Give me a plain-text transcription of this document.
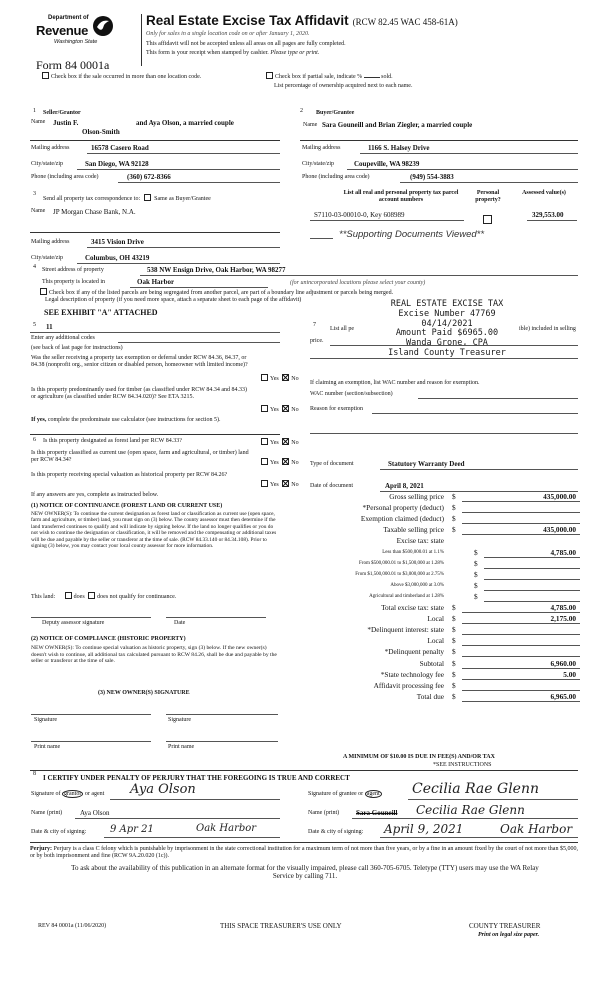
Department of
Revenue
Washington State
Form 84 0001a
Real Estate Excise Tax Affidavit (RCW 82.45 WAC 458-61A)
Only for sales in a single location code on or after January 1, 2020.
This affidavit will not be accepted unless all areas on all pages are fully completed.
This form is your receipt when stamped by cashier. Please type or print.
Check box if the sale occurred in more than one location code.	Check box if partial sale, indicate %	sold.
List percentage of ownership acquired next to each name.
1 Seller/Grantor
Name Justin F.
Olson-Smith
and Aya Olson, a married couple
Mailing address	16578 Casero Road
City/state/zip	San Diego, WA 92128
Phone (including area code)	(360) 672-8366
2 Buyer/Grantee
Name Sara Gouneill and Brian Ziegler, a married couple
Mailing address	1166 S. Halsey Drive
City/state/zip	Coupeville, WA 98239
Phone (including area code)	(949) 554-3883
3
Send all property tax correspondence to: Same as Buyer/Grantee
Name JP Morgan Chase Bank, N.A.
Mailing address	3415 Vision Drive
City/state/zip	Columbus, OH 43219
List all real and personal property tax parcel account numbers
Personal property?
Assessed value(s)
S7110-03-00010-0, Key 608989	329,553.00
**Supporting Documents Viewed**
4 Street address of property	538 NW Ensign Drive, Oak Harbor, WA 98277
This property is located in	Oak Harbor	(for unincorporated locations please select your county)
Check box if any of the listed parcels are being segregated from another parcel, are part of a boundary line adjustment or parcels being merged.
Legal description of property (if you need more space, attach a separate sheet to each page of the affidavit)
SEE EXHIBIT "A" ATTACHED
REAL ESTATE EXCISE TAX
Excise Number 47769
04/14/2021
Amount Paid $6965.00
Wanda Grone, CPA
Island County Treasurer
5 11
Enter any additional codes
(see back of last page for instructions)
Was the seller receiving a property tax exemption or deferral under RCW 84.36, 84.37, or 84.38 (nonprofit org., senior citizen or disabled person, homeowner with limited income)?
Yes No
Is this property predominantly used for timber (as classified under RCW 84.34 and 84.33) or agriculture (as classified under RCW 84.34.020)? See ETA 3215.
Yes No
If yes, complete the predominate use calculator (see instructions for section 5).
7
List all pe	ible) included in selling
price.
If claiming an exemption, list WAC number and reason for exemption.
WAC number (section/subsection)
Reason for exemption
6 Is this property designated as forest land per RCW 84.33?	Yes No
Is this property classified as current use (open space, farm and agricultural, or timber) land per RCW 84.34?
Yes No
Is this property receiving special valuation as historical property per RCW 84.26?
Yes No
If any answers are yes, complete as instructed below.
(1) NOTICE OF CONTINUANCE (FOREST LAND OR CURRENT USE)
NEW OWNER(S): To continue the current designation as forest land or classification as current use (open space, farm and agriculture, or timber) land, you must sign on (3) below. The county assessor must then determine if the land transferred continues to qualify and will indicate by signing below. If the land no longer qualifies or you do not wish to continue the designation or classification, it will be removed and the compensating or additional taxes will be due and payable by the seller or transferor at the time of sale. (RCW 84.33.140 or 84.34.108). Prior to signing (3) below, you may contact your local county assessor for more information.
This land:	does does not qualify for continuance.
Deputy assessor signature	Date
(2) NOTICE OF COMPLIANCE (HISTORIC PROPERTY)
NEW OWNER(S): To continue special valuation as historic property, sign (3) below. If the new owner(s) doesn't wish to continue, all additional tax calculated pursuant to RCW 84.26, shall be due and payable by the seller or transferor at the time of sale.
(3) NEW OWNER(S) SIGNATURE
Signature	Signature
Print name	Print name
Type of document	Statutory Warranty Deed
Date of document	April 8, 2021
Gross selling price $	435,000.00
*Personal property (deduct) $
Exemption claimed (deduct) $
Taxable selling price $	435,000.00
Excise tax: state
Less than $500,000.01 at 1.1%	$	4,785.00
From $500,000.01 to $1,500,000 at 1.28%	$
From $1,500,000.01 to $3,000,000 at 2.75%	$
Above $3,000,000 at 3.0%	$
Agricultural and timberland at 1.28%	$
Total excise tax: state $	4,785.00
Local $	2,175.00
*Delinquent interest: state $
Local $
*Delinquent penalty $
Subtotal $	6,960.00
*State technology fee $	5.00
Affidavit processing fee $
Total due $	6,965.00
A MINIMUM OF $10.00 IS DUE IN FEE(S) AND/OR TAX
*SEE INSTRUCTIONS
8 I CERTIFY UNDER PENALTY OF PERJURY THAT THE FOREGOING IS TRUE AND CORRECT
Signature of grantor or agent Aya Olson
Name (print)	Aya Olson
Date & city of signing: 9 Apr 21	Oak Harbor
Signature of grantee or agent Cecilia Rae Glenn
Name (print) Sara Gouneill Cecilia Rae Glenn
Date & city of signing: April 9, 2021	Oak Harbor
Perjury: Perjury is a class C felony which is punishable by imprisonment in the state correctional institution for a maximum term of not more than five years, or by a fine in an amount fixed by the court of not more than $5,000, or by both imprisonment and fine (RCW 9A.20.020 (1c)).
To ask about the availability of this publication in an alternate format for the visually impaired, please call 360-705-6705. Teletype (TTY) users may use the WA Relay Service by calling 711.
REV 84 0001a (11/06/2020)	THIS SPACE TREASURER'S USE ONLY	COUNTY TREASURER
Print on legal size paper.
